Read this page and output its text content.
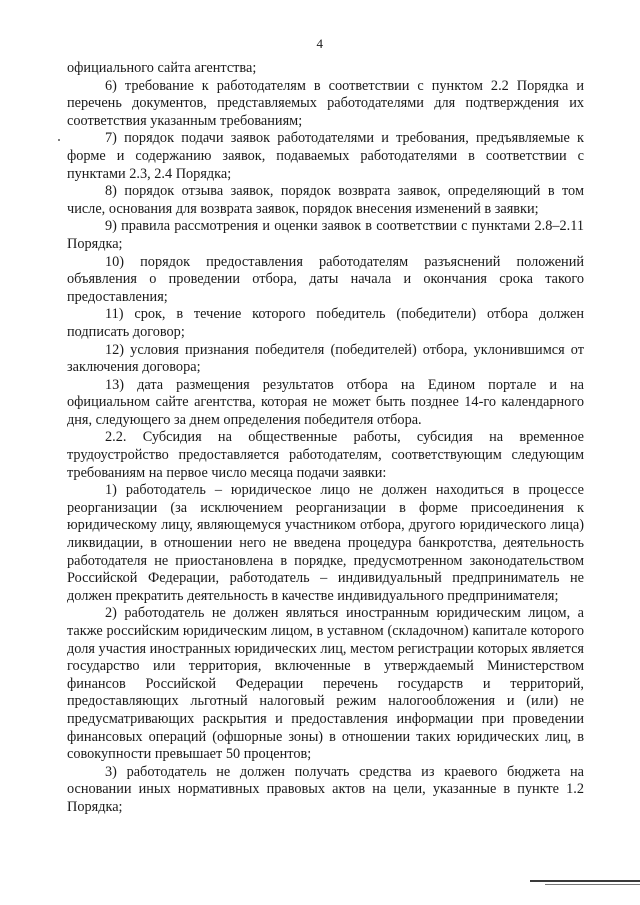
4

официального сайта агентства;

6) требование к работодателям в соответствии с пунктом 2.2 Порядка и перечень документов, представляемых работодателями для подтверждения их соответствия указанным требованиям;

7) порядок подачи заявок работодателями и требования, предъявляемые к форме и содержанию заявок, подаваемых работодателями в соответствии с пунктами 2.3, 2.4 Порядка;

8) порядок отзыва заявок, порядок возврата заявок, определяющий в том числе, основания для возврата заявок, порядок внесения изменений в заявки;

9) правила рассмотрения и оценки заявок в соответствии с пунктами 2.8–2.11 Порядка;

10) порядок предоставления работодателям разъяснений положений объявления о проведении отбора, даты начала и окончания срока такого предоставления;

11) срок, в течение которого победитель (победители) отбора должен подписать договор;

12) условия признания победителя (победителей) отбора, уклонившимся от заключения договора;

13) дата размещения результатов отбора на Едином портале и на официальном сайте агентства, которая не может быть позднее 14-го календарного дня, следующего за днем определения победителя отбора.

2.2. Субсидия на общественные работы, субсидия на временное трудоустройство предоставляется работодателям, соответствующим следующим требованиям на первое число месяца подачи заявки:

1) работодатель – юридическое лицо не должен находиться в процессе реорганизации (за исключением реорганизации в форме присоединения к юридическому лицу, являющемуся участником отбора, другого юридического лица) ликвидации, в отношении него не введена процедура банкротства, деятельность работодателя не приостановлена в порядке, предусмотренном законодательством Российской Федерации, работодатель – индивидуальный предприниматель не должен прекратить деятельность в качестве индивидуального предпринимателя;

2) работодатель не должен являться иностранным юридическим лицом, а также российским юридическим лицом, в уставном (складочном) капитале которого доля участия иностранных юридических лиц, местом регистрации которых является государство или территория, включенные в утверждаемый Министерством финансов Российской Федерации перечень государств и территорий, предоставляющих льготный налоговый режим налогообложения и (или) не предусматривающих раскрытия и предоставления информации при проведении финансовых операций (офшорные зоны) в отношении таких юридических лиц, в совокупности превышает 50 процентов;

3) работодатель не должен получать средства из краевого бюджета на основании иных нормативных правовых актов на цели, указанные в пункте 1.2 Порядка;
